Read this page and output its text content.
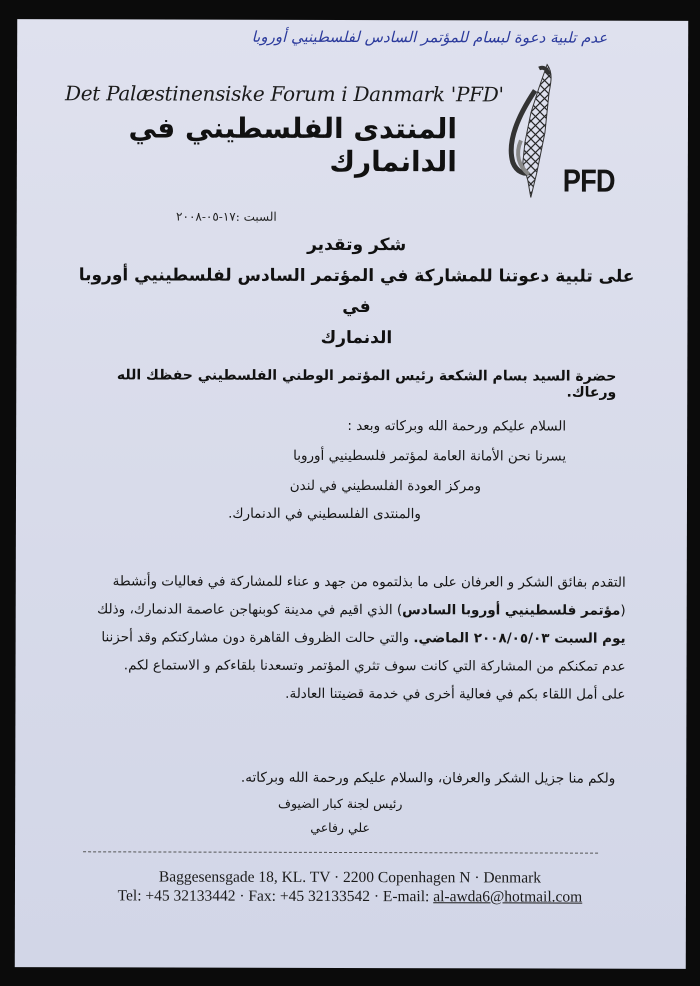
عدم تلبية دعوة لبسام للمؤتمر السادس لفلسطينيي أوروبا
Det Palæstinensiske Forum i Danmark 'PFD'
المنتدى الفلسطيني في الدانمارك
PFD
السبت :١٧-٠٥-٢٠٠٨
شكر وتقدير
على تلبية دعوتنا للمشاركة في المؤتمر السادس لفلسطينيي أوروبا في
الدنمارك
حضرة السيد بسام الشكعة رئيس المؤتمر الوطني الفلسطيني حفظك الله ورعاك.
السلام عليكم ورحمة الله وبركاته وبعد :
يسرنا نحن الأمانة العامة لمؤتمر فلسطينيي أوروبا
ومركز العودة الفلسطيني في لندن
والمنتدى الفلسطيني في الدنمارك.
التقدم بفائق الشكر و العرفان على ما بذلتموه من جهد و عناء للمشاركة في فعاليات وأنشطة (مؤتمر فلسطينيي أوروبا السادس) الذي اقيم في مدينة كوبنهاجن عاصمة الدنمارك، وذلك يوم السبت ٢٠٠٨/٠٥/٠٣ الماضي. والتي حالت الظروف القاهرة دون مشاركتكم وقد أحزننا عدم تمكنكم من المشاركة التي كانت سوف تثري المؤتمر وتسعدنا بلقاءكم و الاستماع لكم.
على أمل اللقاء بكم في فعالية أخرى في خدمة قضيتنا العادلة.
ولكم منا جزيل الشكر والعرفان، والسلام عليكم ورحمة الله وبركاته.
رئيس لجنة كبار الضيوف
علي رفاعي
Baggesensgade 18, KL. TV · 2200 Copenhagen N · Denmark
Tel: +45 32133442 · Fax: +45 32133542 · E-mail: al-awda6@hotmail.com
